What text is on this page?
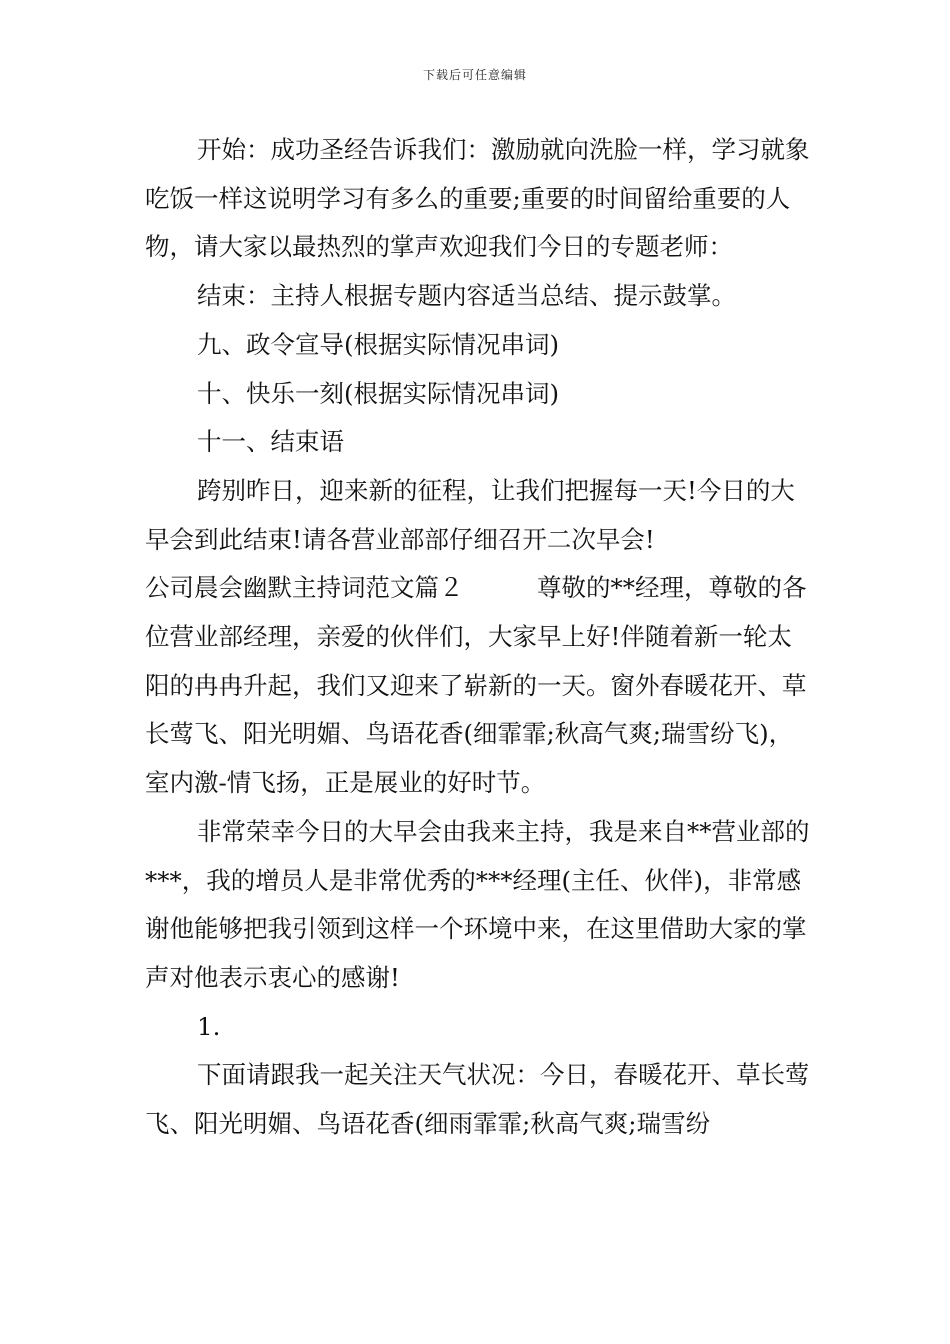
下载后可任意编辑

开始：成功圣经告诉我们：激励就向洗脸一样，学习就象吃饭一样这说明学习有多么的重要;重要的时间留给重要的人物，请大家以最热烈的掌声欢迎我们今日的专题老师：

结束：主持人根据专题内容适当总结、提示鼓掌。

九、政令宣导(根据实际情况串词)

十、快乐一刻(根据实际情况串词)

十一、结束语

跨别昨日，迎来新的征程，让我们把握每一天!今日的大早会到此结束!请各营业部部仔细召开二次早会!

公司晨会幽默主持词范文篇２　　　尊敬的**经理，尊敬的各位营业部经理，亲爱的伙伴们，大家早上好!伴随着新一轮太阳的冉冉升起，我们又迎来了崭新的一天。窗外春暖花开、草长莺飞、阳光明媚、鸟语花香(细霏霏;秋高气爽;瑞雪纷飞)，室内激-情飞扬，正是展业的好时节。

非常荣幸今日的大早会由我来主持，我是来自**营业部的***，我的增员人是非常优秀的***经理(主任、伙伴)，非常感谢他能够把我引领到这样一个环境中来，在这里借助大家的掌声对他表示衷心的感谢!

1.

下面请跟我一起关注天气状况：今日，春暖花开、草长莺飞、阳光明媚、鸟语花香(细雨霏霏;秋高气爽;瑞雪纷
